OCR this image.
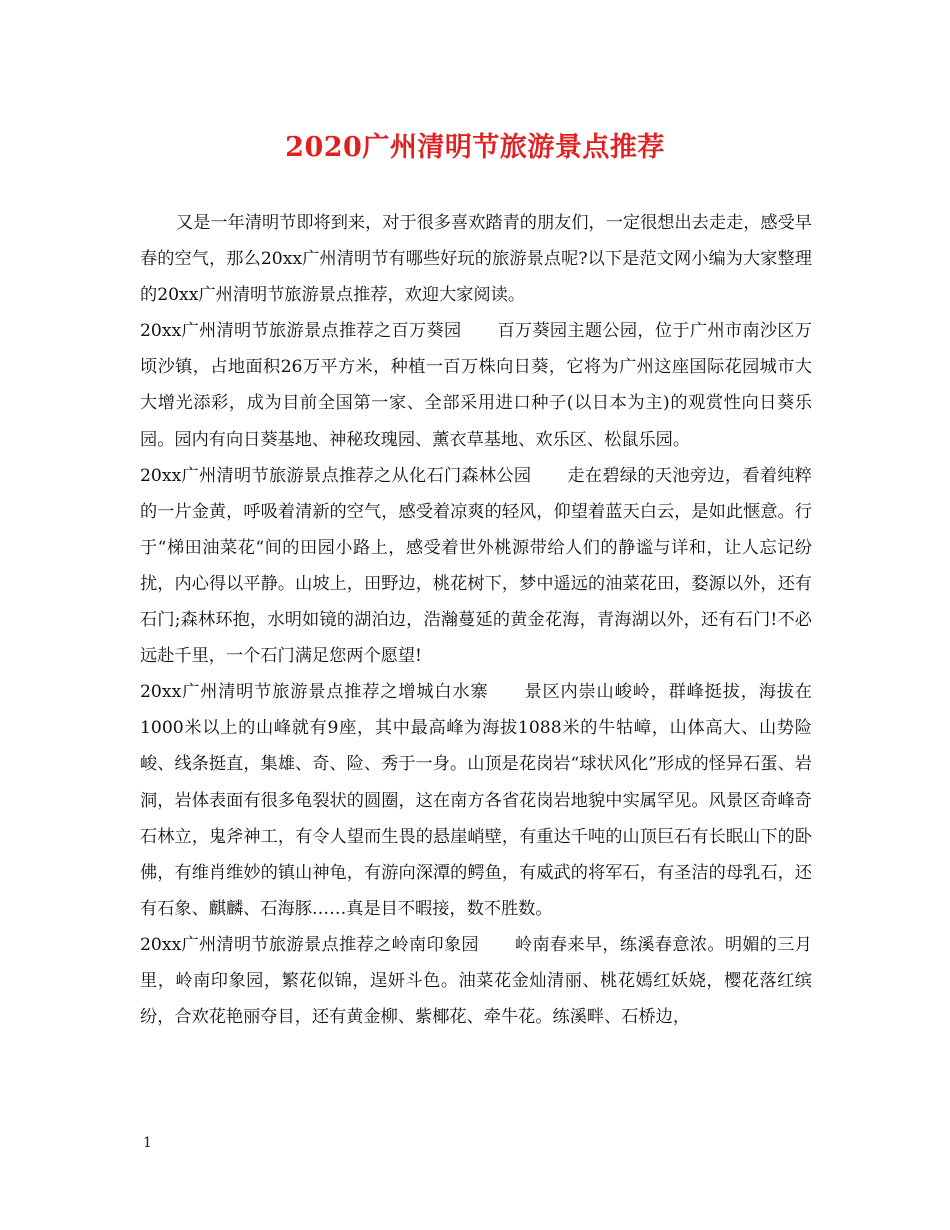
2020广州清明节旅游景点推荐

又是一年清明节即将到来，对于很多喜欢踏青的朋友们，一定很想出去走走，感受早春的空气，那么20xx广州清明节有哪些好玩的旅游景点呢?以下是范文网小编为大家整理的20xx广州清明节旅游景点推荐，欢迎大家阅读。

20xx广州清明节旅游景点推荐之百万葵园 百万葵园主题公园，位于广州市南沙区万顷沙镇，占地面积26万平方米，种植一百万株向日葵，它将为广州这座国际花园城市大大增光添彩，成为目前全国第一家、全部采用进口种子(以日本为主)的观赏性向日葵乐园。园内有向日葵基地、神秘玫瑰园、薰衣草基地、欢乐区、松鼠乐园。

20xx广州清明节旅游景点推荐之从化石门森林公园 走在碧绿的天池旁边，看着纯粹的一片金黄，呼吸着清新的空气，感受着凉爽的轻风，仰望着蓝天白云，是如此惬意。行于“梯田油菜花“间的田园小路上，感受着世外桃源带给人们的静谧与详和，让人忘记纷扰，内心得以平静。山坡上，田野边，桃花树下，梦中遥远的油菜花田，婺源以外，还有石门;森林环抱，水明如镜的湖泊边，浩瀚蔓延的黄金花海，青海湖以外，还有石门!不必远赴千里，一个石门满足您两个愿望!

20xx广州清明节旅游景点推荐之增城白水寨 景区内崇山峻岭，群峰挺拔，海拔在1000米以上的山峰就有9座，其中最高峰为海拔1088米的牛牯嶂，山体高大、山势险峻、线条挺直，集雄、奇、险、秀于一身。山顶是花岗岩“球状风化”形成的怪异石蛋、岩洞，岩体表面有很多龟裂状的圆圈，这在南方各省花岗岩地貌中实属罕见。风景区奇峰奇石林立，鬼斧神工，有令人望而生畏的悬崖峭壁，有重达千吨的山顶巨石有长眠山下的卧佛，有维肖维妙的镇山神龟，有游向深潭的鳄鱼，有威武的将军石，有圣洁的母乳石，还有石象、麒麟、石海豚……真是目不暇接，数不胜数。

20xx广州清明节旅游景点推荐之岭南印象园 岭南春来早，练溪春意浓。明媚的三月里，岭南印象园，繁花似锦，逞妍斗色。油菜花金灿清丽、桃花嫣红妖娆，樱花落红缤纷，合欢花艳丽夺目，还有黄金柳、紫椰花、牵牛花。练溪畔、石桥边，

1
